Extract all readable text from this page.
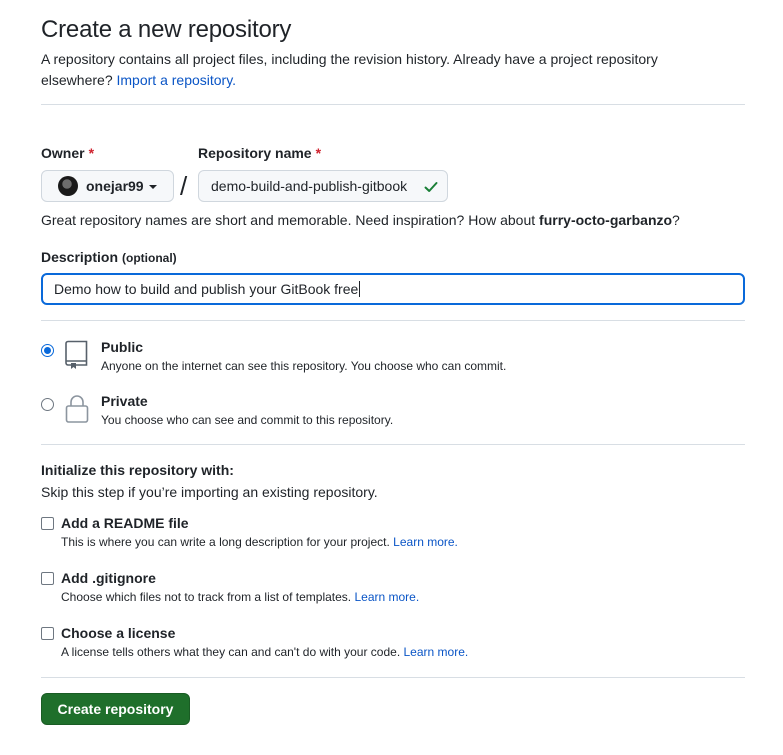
Create a new repository
A repository contains all project files, including the revision history. Already have a project repository elsewhere? Import a repository.
Owner *	Repository name *
onejar99 / demo-build-and-publish-gitbook
Great repository names are short and memorable. Need inspiration? How about furry-octo-garbanzo?
Description (optional)
Demo how to build and publish your GitBook free
Public
Anyone on the internet can see this repository. You choose who can commit.
Private
You choose who can see and commit to this repository.
Initialize this repository with:
Skip this step if you’re importing an existing repository.
Add a README file
This is where you can write a long description for your project. Learn more.
Add .gitignore
Choose which files not to track from a list of templates. Learn more.
Choose a license
A license tells others what they can and can't do with your code. Learn more.
Create repository
